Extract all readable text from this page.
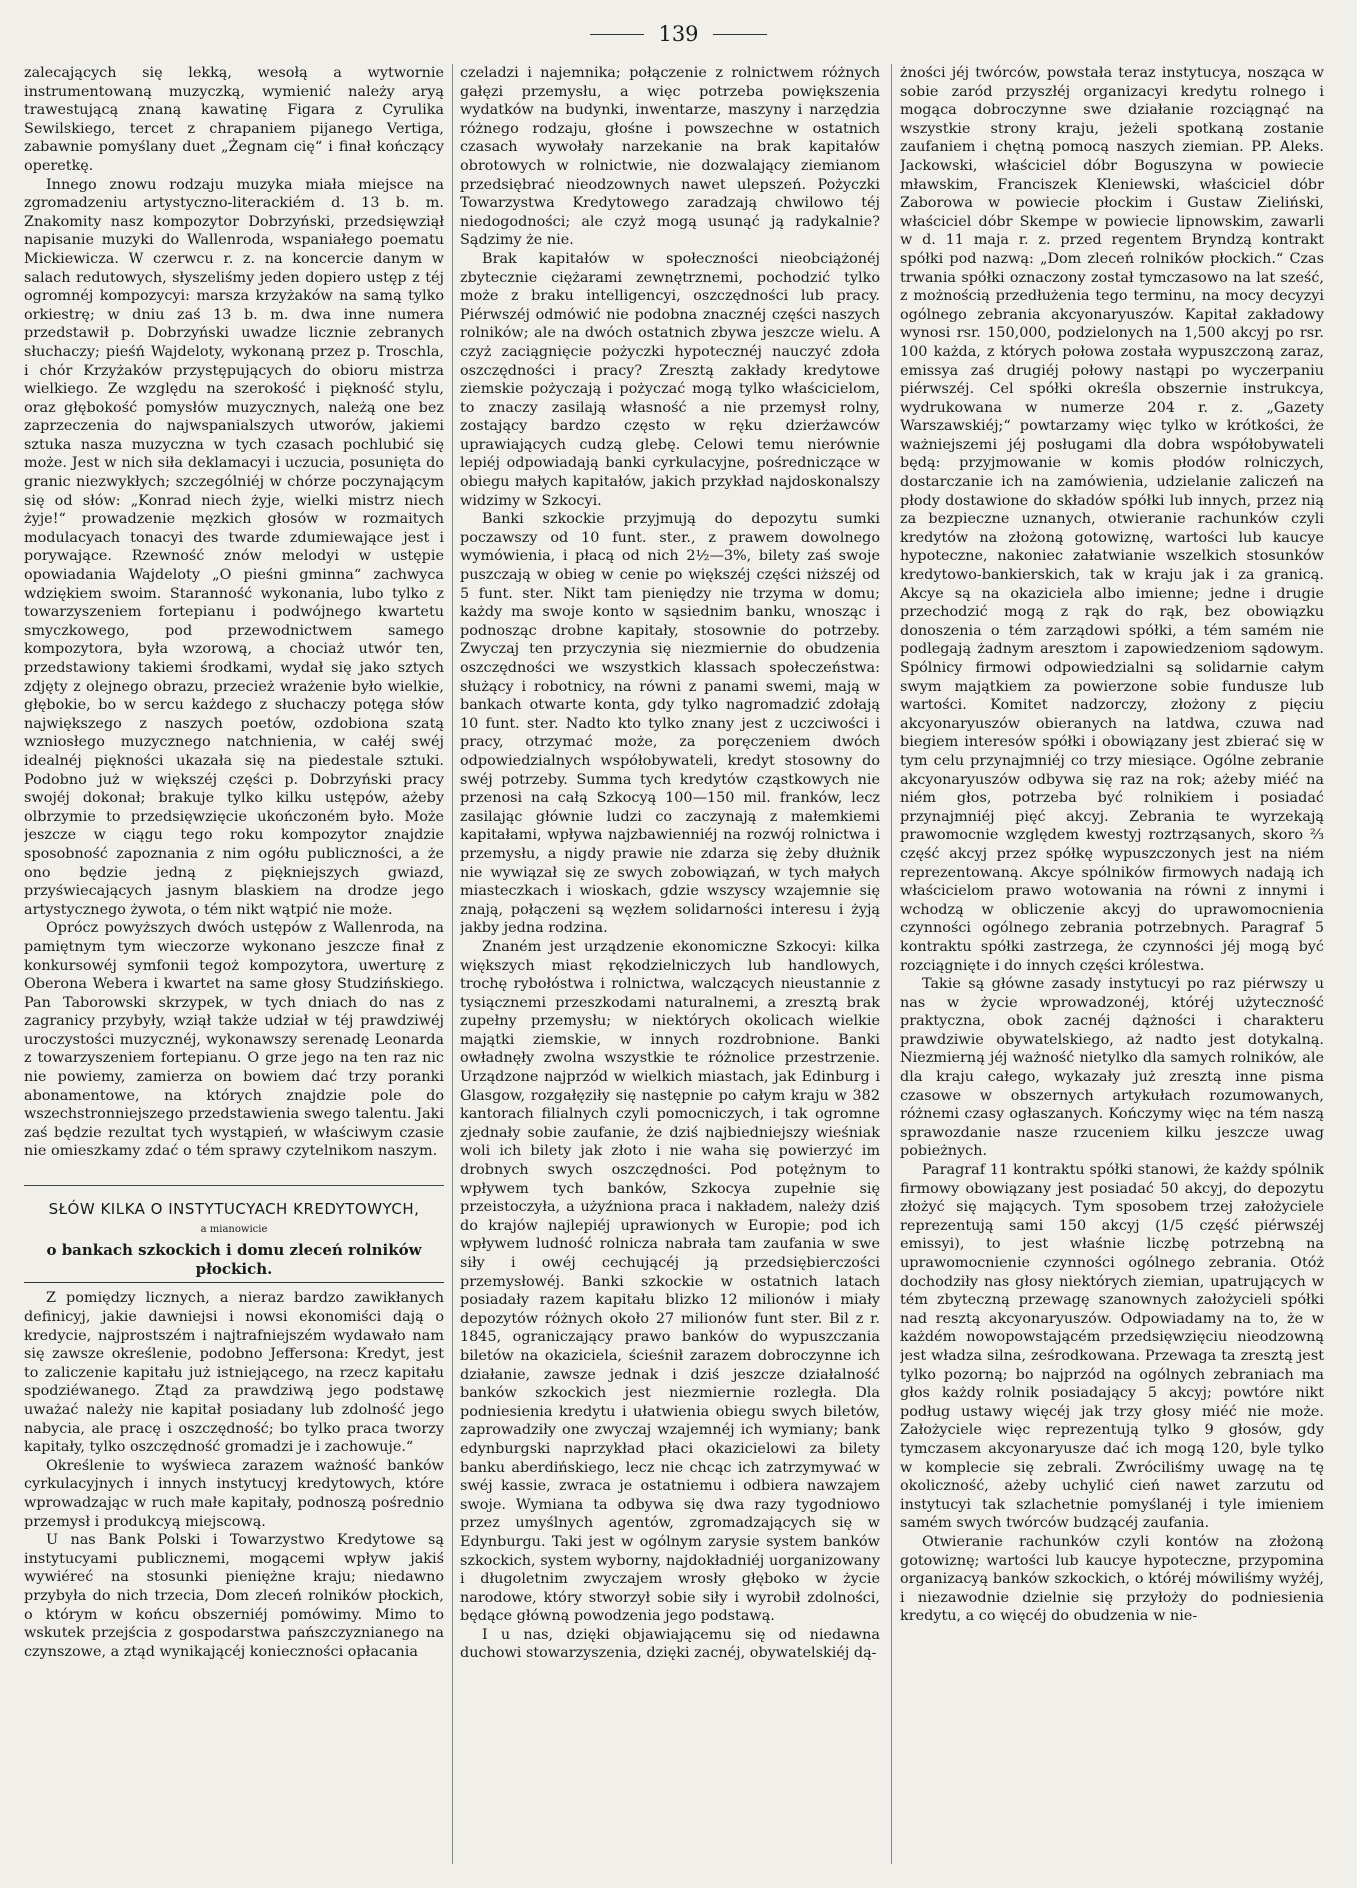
139

zalecających się lekką, wesołą a wytwornie instrumentowaną muzyczką, wymienić należy aryą trawestującą znaną kawatinę Figara z Cyrulika Sewilskiego, tercet z chrapaniem pijanego Vertiga, zabawnie pomyślany duet „Żegnam cię“ i finał kończący operetkę.

Innego znowu rodzaju muzyka miała miejsce na zgromadzeniu artystyczno-literackiém d. 13 b. m. Znakomity nasz kompozytor Dobrzyński, przedsięwziął napisanie muzyki do Wallenroda, wspaniałego poematu Mickiewicza. W czerwcu r. z. na koncercie danym w salach redutowych, słyszeliśmy jeden dopiero ustęp z téj ogromnéj kompozycyi: marsza krzyżaków na samą tylko orkiestrę; w dniu zaś 13 b. m. dwa inne numera przedstawił p. Dobrzyński uwadze licznie zebranych słuchaczy; pieśń Wajdeloty, wykonaną przez p. Troschla, i chór Krzyżaków przystępujących do obioru mistrza wielkiego. Ze względu na szerokość i piękność stylu, oraz głębokość pomysłów muzycznych, należą one bez zaprzeczenia do najwspanialszych utworów, jakiemi sztuka nasza muzyczna w tych czasach pochlubić się może. Jest w nich siła deklamacyi i uczucia, posunięta do granic niezwykłych; szczególniéj w chórze poczynającym się od słów: „Konrad niech żyje, wielki mistrz niech żyje!“ prowadzenie męzkich głosów w rozmaitych modulacyach tonacyi des twarde zdumiewające jest i porywające. Rzewność znów melodyi w ustępie opowiadania Wajdeloty „O pieśni gminna“ zachwyca wdziękiem swoim. Staranność wykonania, lubo tylko z towarzyszeniem fortepianu i podwójnego kwartetu smyczkowego, pod przewodnictwem samego kompozytora, była wzorową, a chociaż utwór ten, przedstawiony takiemi środkami, wydał się jako sztych zdjęty z olejnego obrazu, przecież wrażenie było wielkie, głębokie, bo w sercu każdego z słuchaczy potęga słów największego z naszych poetów, ozdobiona szatą wzniosłego muzycznego natchnienia, w całéj swéj idealnéj piękności ukazała się na piedestale sztuki. Podobno już w większéj części p. Dobrzyński pracy swojéj dokonał; brakuje tylko kilku ustępów, ażeby olbrzymie to przedsięwzięcie ukończoném było. Może jeszcze w ciągu tego roku kompozytor znajdzie sposobność zapoznania z nim ogółu publiczności, a że ono będzie jedną z piękniejszych gwiazd, przyświecających jasnym blaskiem na drodze jego artystycznego żywota, o tém nikt wątpić nie może.

Oprócz powyższych dwóch ustępów z Wallenroda, na pamiętnym tym wieczorze wykonano jeszcze finał z konkursowéj symfonii tegoż kompozytora, uwerturę z Oberona Webera i kwartet na same głosy Studzińskiego. Pan Taborowski skrzypek, w tych dniach do nas z zagranicy przybyły, wziął także udział w téj prawdziwéj uroczystości muzycznéj, wykonawszy serenadę Leonarda z towarzyszeniem fortepianu. O grze jego na ten raz nic nie powiemy, zamierza on bowiem dać trzy poranki abonamentowe, na których znajdzie pole do wszechstronniejszego przedstawienia swego talentu. Jaki zaś będzie rezultat tych wystąpień, w właściwym czasie nie omieszkamy zdać o tém sprawy czytelnikom naszym.

SŁÓW KILKA O INSTYTUCYACH KREDYTOWYCH,
a mianowicie
o bankach szkockich i domu zleceń rolników płockich.

Z pomiędzy licznych, a nieraz bardzo zawikłanych definicyj, jakie dawniejsi i nowsi ekonomiści dają o kredycie, najprostszém i najtrafniejszém wydawało nam się zawsze określenie, podobno Jeffersona: Kredyt, jest to zaliczenie kapitału już istniejącego, na rzecz kapitału spodziéwanego. Ztąd za prawdziwą jego podstawę uważać należy nie kapitał posiadany lub zdolność jego nabycia, ale pracę i oszczędność; bo tylko praca tworzy kapitały, tylko oszczędność gromadzi je i zachowuje.“

Określenie to wyświeca zarazem ważność banków cyrkulacyjnych i innych instytucyj kredytowych, które wprowadzając w ruch małe kapitały, podnoszą pośrednio przemysł i produkcyą miejscową.

U nas Bank Polski i Towarzystwo Kredytowe są instytucyami publicznemi, mogącemi wpływ jakiś wywiéreć na stosunki pieniężne kraju; niedawno przybyła do nich trzecia, Dom zleceń rolników płockich, o którym w końcu obszerniéj pomówimy. Mimo to wskutek przejścia z gospodarstwa pańszczyznianego na czynszowe, a ztąd wynikającéj konieczności opłacania

czeladzi i najemnika; połączenie z rolnictwem różnych gałęzi przemysłu, a więc potrzeba powiększenia wydatków na budynki, inwentarze, maszyny i narzędzia różnego rodzaju, głośne i powszechne w ostatnich czasach wywołały narzekanie na brak kapitałów obrotowych w rolnictwie, nie dozwalający ziemianom przedsiębrać nieodzownych nawet ulepszeń. Pożyczki Towarzystwa Kredytowego zaradzają chwilowo téj niedogodności; ale czyż mogą usunąć ją radykalnie? Sądzimy że nie.

Brak kapitałów w społeczności nieobciążonéj zbytecznie ciężarami zewnętrznemi, pochodzić tylko może z braku intelligencyi, oszczędności lub pracy. Piérwszéj odmówić nie podobna znacznéj części naszych rolników; ale na dwóch ostatnich zbywa jeszcze wielu. A czyż zaciągnięcie pożyczki hypotecznéj nauczyć zdoła oszczędności i pracy? Zresztą zakłady kredytowe ziemskie pożyczają i pożyczać mogą tylko właścicielom, to znaczy zasilają własność a nie przemysł rolny, zostający bardzo często w ręku dzierżawców uprawiających cudzą glebę. Celowi temu nierównie lepiéj odpowiadają banki cyrkulacyjne, pośredniczące w obiegu małych kapitałów, jakich przykład najdoskonalszy widzimy w Szkocyi.

Banki szkockie przyjmują do depozytu sumki poczawszy od 10 funt. ster., z prawem dowolnego wymówienia, i płacą od nich 2½—3%, bilety zaś swoje puszczają w obieg w cenie po większéj części niższéj od 5 funt. ster. Nikt tam pieniędzy nie trzyma w domu; każdy ma swoje konto w sąsiednim banku, wnosząc i podnosząc drobne kapitały, stosownie do potrzeby. Zwyczaj ten przyczynia się niezmiernie do obudzenia oszczędności we wszystkich klassach społeczeństwa: służący i robotnicy, na równi z panami swemi, mają w bankach otwarte konta, gdy tylko nagromadzić zdołają 10 funt. ster. Nadto kto tylko znany jest z uczciwości i pracy, otrzymać może, za poręczeniem dwóch odpowiedzialnych współobywateli, kredyt stosowny do swéj potrzeby. Summa tych kredytów cząstkowych nie przenosi na całą Szkocyą 100—150 mil. franków, lecz zasilając głównie ludzi co zaczynają z małemkiemi kapitałami, wpływa najzbawienniéj na rozwój rolnictwa i przemysłu, a nigdy prawie nie zdarza się żeby dłużnik nie wywiązał się ze swych zobowiązań, w tych małych miasteczkach i wioskach, gdzie wszyscy wzajemnie się znają, połączeni są węzłem solidarności interesu i żyją jakby jedna rodzina.

Znaném jest urządzenie ekonomiczne Szkocyi: kilka większych miast rękodzielniczych lub handlowych, trochę rybołóstwa i rolnictwa, walczących nieustannie z tysiącznemi przeszkodami naturalnemi, a zresztą brak zupełny przemysłu; w niektórych okolicach wielkie majątki ziemskie, w innych rozdrobnione. Banki owładnęły zwolna wszystkie te różnolice przestrzenie. Urządzone najprzód w wielkich miastach, jak Edinburg i Glasgow, rozgałęziły się następnie po całym kraju w 382 kantorach filialnych czyli pomocniczych, i tak ogromne zjednały sobie zaufanie, że dziś najbiedniejszy wieśniak woli ich bilety jak złoto i nie waha się powierzyć im drobnych swych oszczędności. Pod potężnym to wpływem tych banków, Szkocya zupełnie się przeistoczyła, a użyźniona praca i nakładem, należy dziś do krajów najlepiéj uprawionych w Europie; pod ich wpływem ludność rolnicza nabrała tam zaufania w swe siły i owéj cechującéj ją przedsiębierczości przemysłowéj. Banki szkockie w ostatnich latach posiadały razem kapitału blizko 12 milionów i miały depozytów różnych około 27 milionów funt ster. Bil z r. 1845, ograniczający prawo banków do wypuszczania biletów na okaziciela, ścieśnił zarazem dobroczynne ich działanie, zawsze jednak i dziś jeszcze działalność banków szkockich jest niezmiernie rozległa. Dla podniesienia kredytu i ułatwienia obiegu swych biletów, zaprowadziły one zwyczaj wzajemnéj ich wymiany; bank edynburgski naprzykład płaci okazicielowi za bilety banku aberdińskiego, lecz nie chcąc ich zatrzymywać w swéj kassie, zwraca je ostatniemu i odbiera nawzajem swoje. Wymiana ta odbywa się dwa razy tygodniowo przez umyślnych agentów, zgromadzających się w Edynburgu. Taki jest w ogólnym zarysie system banków szkockich, system wyborny, najdokładniéj uorganizowany i długoletnim zwyczajem wrosły głęboko w życie narodowe, który stworzył sobie siły i wyrobił zdolności, będące główną powodzenia jego podstawą.

I u nas, dzięki objawiającemu się od niedawna duchowi stowarzyszenia, dzięki zacnéj, obywatelskiéj dą-

żności jéj twórców, powstała teraz instytucya, nosząca w sobie zaród przyszłéj organizacyi kredytu rolnego i mogąca dobroczynne swe działanie rozciągnąć na wszystkie strony kraju, jeżeli spotkaną zostanie zaufaniem i chętną pomocą naszych ziemian. PP. Aleks. Jackowski, właściciel dóbr Boguszyna w powiecie mławskim, Franciszek Kleniewski, właściciel dóbr Zaborowa w powiecie płockim i Gustaw Zieliński, właściciel dóbr Skempe w powiecie lipnowskim, zawarli w d. 11 maja r. z. przed regentem Bryndzą kontrakt spółki pod nazwą: „Dom zleceń rolników płockich.“ Czas trwania spółki oznaczony został tymczasowo na lat sześć, z możnością przedłużenia tego terminu, na mocy decyzyi ogólnego zebrania akcyonaryuszów. Kapitał zakładowy wynosi rsr. 150,000, podzielonych na 1,500 akcyj po rsr. 100 każda, z których połowa została wypuszczoną zaraz, emissya zaś drugiéj połowy nastąpi po wyczerpaniu piérwszéj. Cel spółki określa obszernie instrukcya, wydrukowana w numerze 204 r. z. „Gazety Warszawskiéj;“ powtarzamy więc tylko w krótkości, że ważniejszemi jéj posługami dla dobra współobywateli będą: przyjmowanie w komis płodów rolniczych, dostarczanie ich na zamówienia, udzielanie zaliczeń na płody dostawione do składów spółki lub innych, przez nią za bezpieczne uznanych, otwieranie rachunków czyli kredytów na złożoną gotowiznę, wartości lub kaucye hypoteczne, nakoniec załatwianie wszelkich stosunków kredytowo-bankierskich, tak w kraju jak i za granicą. Akcye są na okaziciela albo imienne; jedne i drugie przechodzić mogą z rąk do rąk, bez obowiązku donoszenia o tém zarządowi spółki, a tém samém nie podlegają żadnym aresztom i zapowiedzeniom sądowym. Spólnicy firmowi odpowiedzialni są solidarnie całym swym majątkiem za powierzone sobie fundusze lub wartości. Komitet nadzorczy, złożony z pięciu akcyonaryuszów obieranych na latdwa, czuwa nad biegiem interesów spółki i obowiązany jest zbierać się w tym celu przynajmniéj co trzy miesiące. Ogólne zebranie akcyonaryuszów odbywa się raz na rok; ażeby miéć na niém głos, potrzeba być rolnikiem i posiadać przynajmniéj pięć akcyj. Zebrania te wyrzekają prawomocnie względem kwestyj roztrząsanych, skoro ⅔ część akcyj przez spółkę wypuszczonych jest na niém reprezentowaną. Akcye spólników firmowych nadają ich właścicielom prawo wotowania na równi z innymi i wchodzą w obliczenie akcyj do uprawomocnienia czynności ogólnego zebrania potrzebnych. Paragraf 5 kontraktu spółki zastrzega, że czynności jéj mogą być rozciągnięte i do innych części królestwa.

Takie są główne zasady instytucyi po raz piérwszy u nas w życie wprowadzonéj, któréj użyteczność praktyczna, obok zacnéj dążności i charakteru prawdziwie obywatelskiego, aż nadto jest dotykalną. Niezmierną jéj ważność nietylko dla samych rolników, ale dla kraju całego, wykazały już zresztą inne pisma czasowe w obszernych artykułach rozumowanych, różnemi czasy ogłaszanych. Kończymy więc na tém naszą sprawozdanie nasze rzuceniem kilku jeszcze uwag pobieżnych.

Paragraf 11 kontraktu spółki stanowi, że każdy spólnik firmowy obowiązany jest posiadać 50 akcyj, do depozytu złożyć się mających. Tym sposobem trzej założyciele reprezentują sami 150 akcyj (1/5 część piérwszéj emissyi), to jest właśnie liczbę potrzebną na uprawomocnienie czynności ogólnego zebrania. Otóż dochodziły nas głosy niektórych ziemian, upatrujących w tém zbyteczną przewagę szanownych założycieli spółki nad resztą akcyonaryuszów. Odpowiadamy na to, że w każdém nowopowstającém przedsięwzięciu nieodzowną jest władza silna, ześrodkowana. Przewaga ta zresztą jest tylko pozorną; bo najprzód na ogólnych zebraniach ma głos każdy rolnik posiadający 5 akcyj; powtóre nikt podług ustawy więcéj jak trzy głosy miéć nie może. Założyciele więc reprezentują tylko 9 głosów, gdy tymczasem akcyonaryusze dać ich mogą 120, byle tylko w komplecie się zebrali. Zwróciliśmy uwagę na tę okoliczność, ażeby uchylić cień nawet zarzutu od instytucyi tak szlachetnie pomyślanéj i tyle imieniem samém swych twórców budzącéj zaufania.

Otwieranie rachunków czyli kontów na złożoną gotowiznę; wartości lub kaucye hypoteczne, przypomina organizacyą banków szkockich, o któréj mówiliśmy wyżéj, i niezawodnie dzielnie się przyłoży do podniesienia kredytu, a co więcéj do obudzenia w nie-
